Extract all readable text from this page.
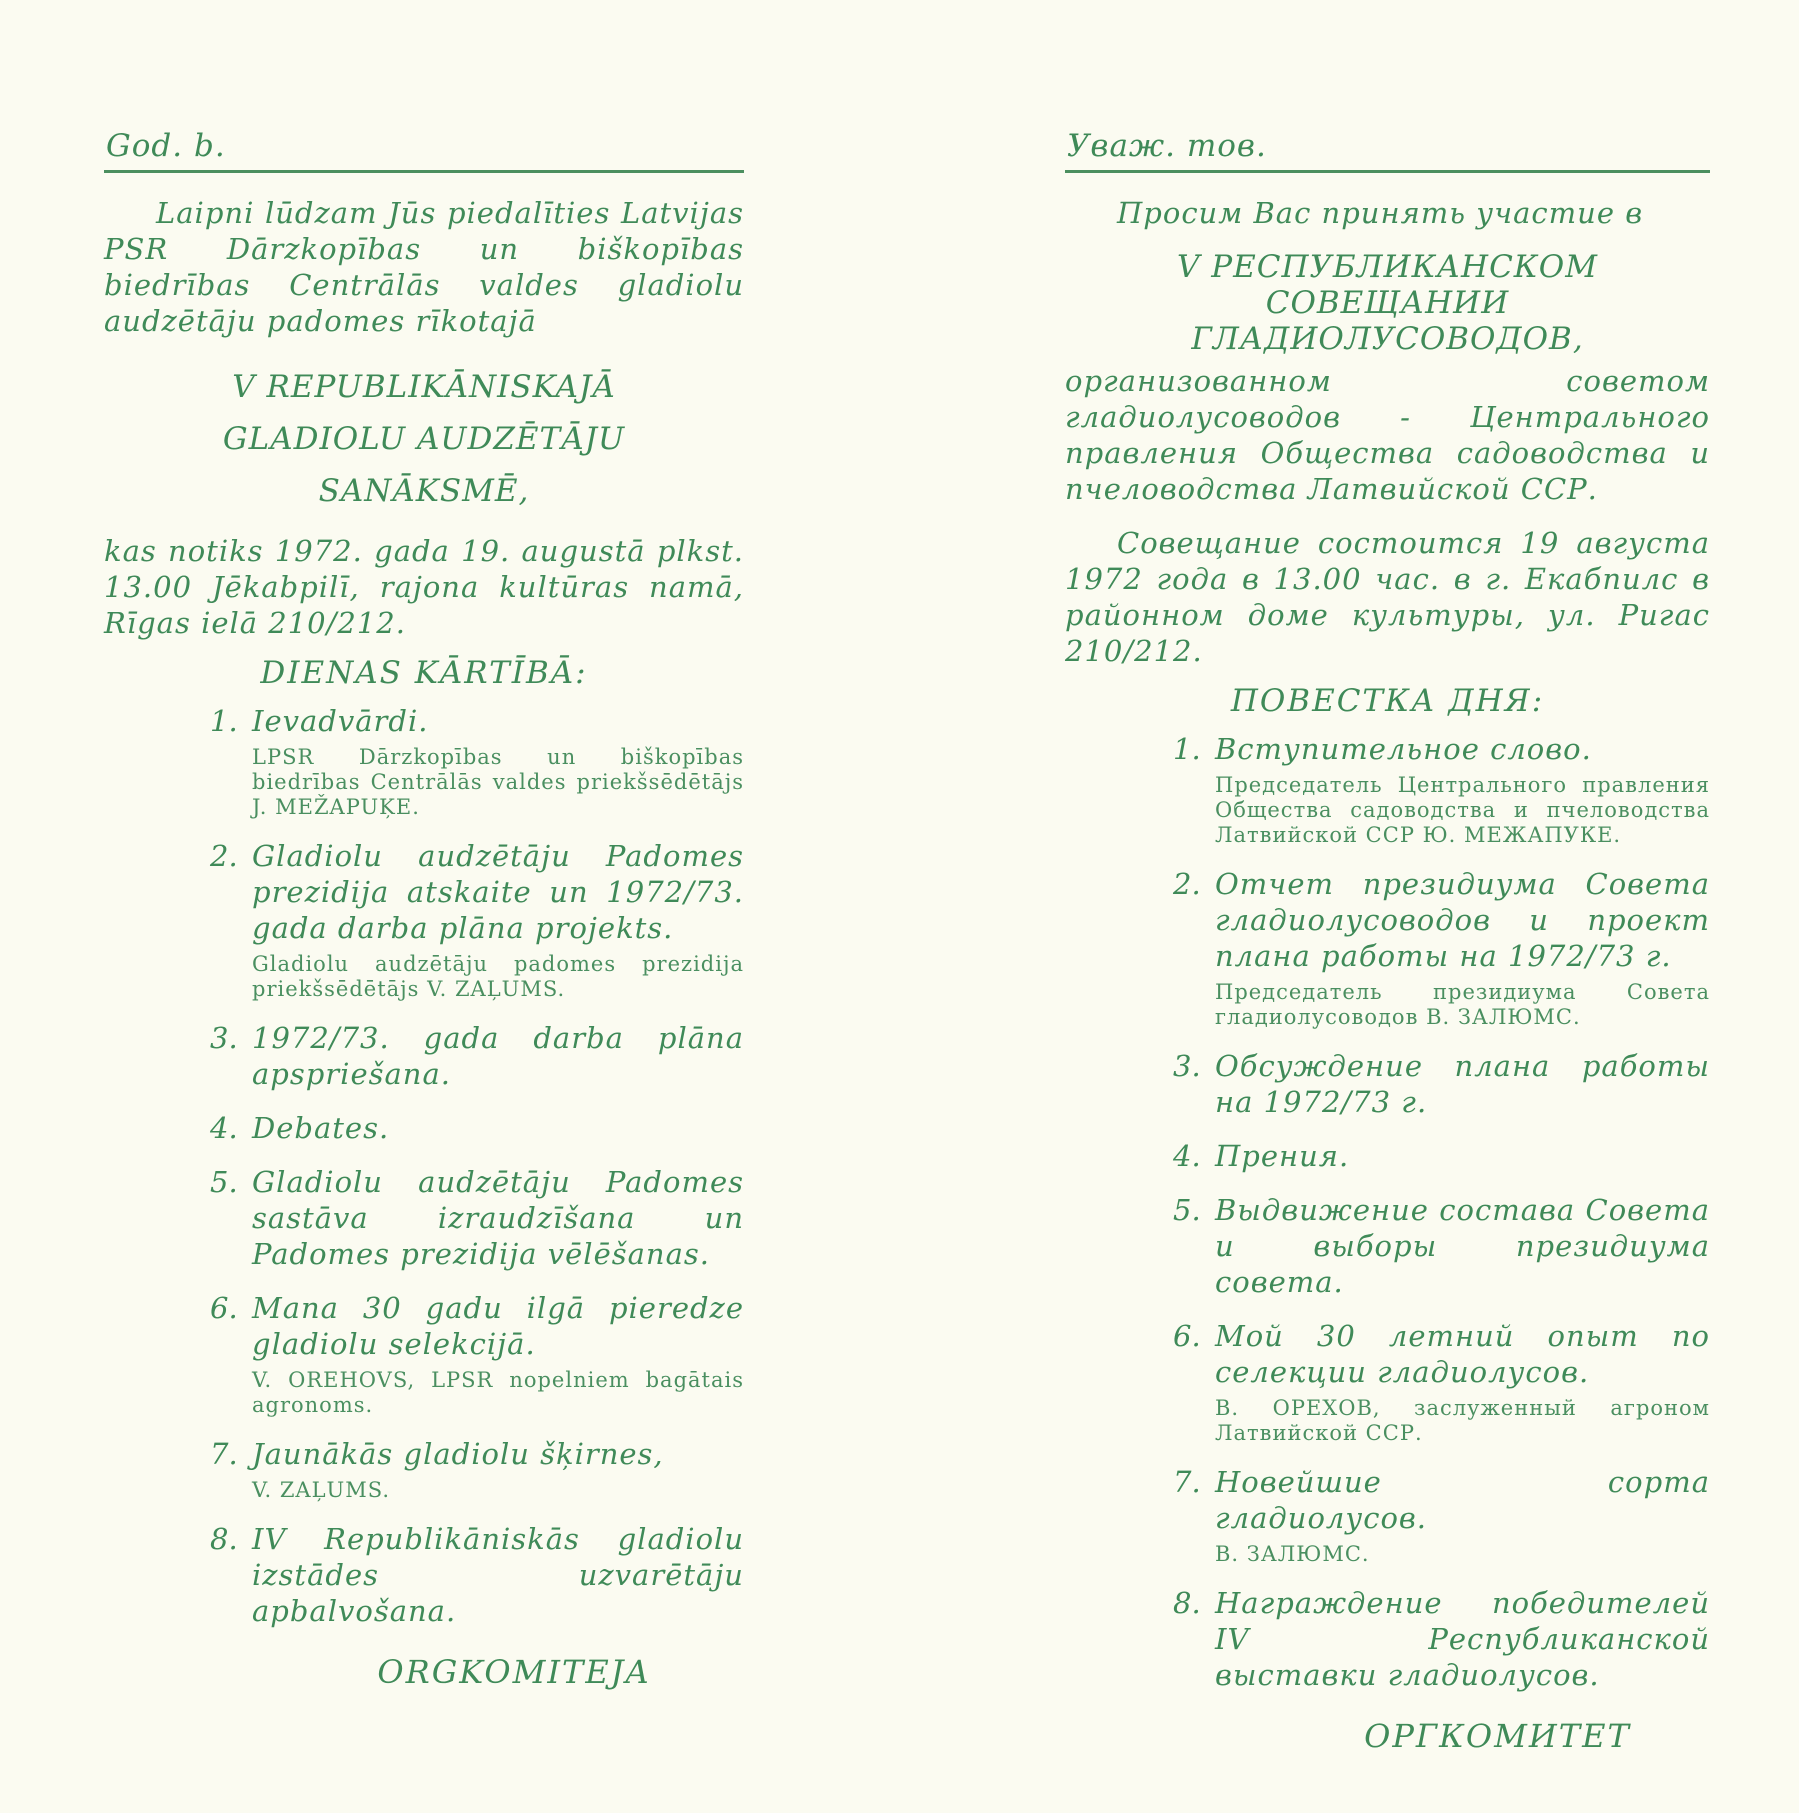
God. b.

Laipni lūdzam Jūs piedalīties Latvijas PSR Dārzkopības un biškopības biedrības Centrālās valdes gladiolu audzētāju padomes rīkotajā

V REPUBLIKĀNISKAJĀ
GLADIOLU AUDZĒTĀJU
SANĀKSMĒ,

kas notiks 1972. gada 19. augustā plkst. 13.00 Jēkabpilī, rajona kultūras namā, Rīgas ielā 210/212.

DIENAS KĀRTĪBĀ:
1. Ievadvārdi.
LPSR Dārzkopības un biškopības biedrības Centrālās valdes priekšsēdētājs J. MEŽAPUĶE.
2. Gladiolu audzētāju Padomes prezidija atskaite un 1972/73. gada darba plāna projekts.
Gladiolu audzētāju padomes prezidija priekšsēdētājs V. ZAĻUMS.
3. 1972/73. gada darba plāna apspriešana.
4. Debates.
5. Gladiolu audzētāju Padomes sastāva izraudzīšana un Padomes prezidija vēlēšanas.
6. Mana 30 gadu ilgā pieredze gladiolu selekcijā.
V. OREHOVS, LPSR nopelniem bagātais agronoms.
7. Jaunākās gladiolu šķirnes,
V. ZAĻUMS.
8. IV Republikāniskās gladiolu izstādes uzvarētāju apbalvošana.
ORGKOMITEJA
Уваж. тов.

Просим Вас принять участие в

V РЕСПУБЛИКАНСКОМ
СОВЕЩАНИИ
ГЛАДИОЛУСОВОДОВ,

организованном советом гладиолусоводов - Центрального правления Общества садоводства и пчеловодства Латвийской ССР.

Совещание состоится 19 августа 1972 года в 13.00 час. в г. Екабпилс в районном доме культуры, ул. Ригас 210/212.

ПОВЕСТКА ДНЯ:
1. Вступительное слово.
Председатель Центрального правления Общества садоводства и пчеловодства Латвийской ССР Ю. МЕЖАПУКЕ.
2. Отчет президиума Совета гладиолусоводов и проект плана работы на 1972/73 г.
Председатель президиума Совета гладиолусоводов В. ЗАЛЮМС.
3. Обсуждение плана работы на 1972/73 г.
4. Прения.
5. Выдвижение состава Совета и выборы президиума совета.
6. Мой 30 летний опыт по селекции гладиолусов.
В. ОРЕХОВ, заслуженный агроном Латвийской ССР.
7. Новейшие сорта гладиолусов.
В. ЗАЛЮМС.
8. Награждение победителей IV Республиканской выставки гладиолусов.
ОРГКОМИТЕТ
